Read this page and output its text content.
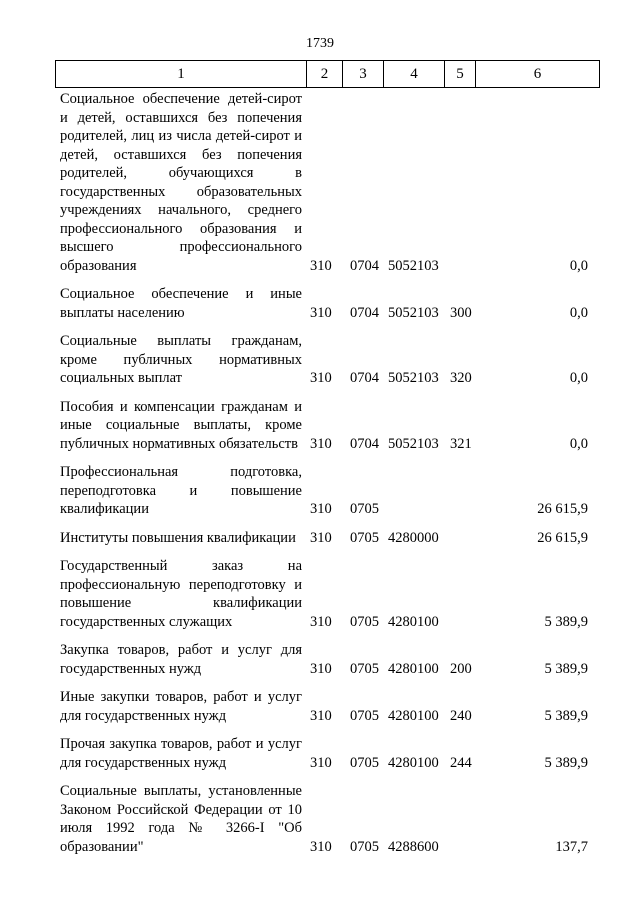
1739
1	2	3	4	5	6
Социальное обеспечение детей-сирот и детей, оставшихся без попечения родителей, лиц из числа детей-сирот и детей, оставшихся без попечения родителей, обучающихся в государственных образовательных учреждениях начального, среднего профессионального образования и высшего профессионального образования	310 0704 5052103	0,0
Социальное обеспечение и иные выплаты населению	310 0704 5052103 300	0,0
Социальные выплаты гражданам, кроме публичных нормативных социальных выплат	310 0704 5052103 320	0,0
Пособия и компенсации гражданам и иные социальные выплаты, кроме публичных нормативных обязательств 310 0704 5052103 321	0,0
Профессиональная подготовка, переподготовка и повышение квалификации	310 0705	26 615,9
Институты повышения квалификации 310 0705 4280000	26 615,9
Государственный заказ на профессиональную переподготовку и повышение квалификации государственных служащих	310 0705 4280100	5 389,9
Закупка товаров, работ и услуг для государственных нужд	310 0705 4280100 200	5 389,9
Иные закупки товаров, работ и услуг для государственных нужд	310 0705 4280100 240	5 389,9
Прочая закупка товаров, работ и услуг для государственных нужд	310 0705 4280100 244	5 389,9
Социальные выплаты, установленные Законом Российской Федерации от 10 июля 1992 года № 3266-I "Об образовании"	310 0705 4288600	137,7
